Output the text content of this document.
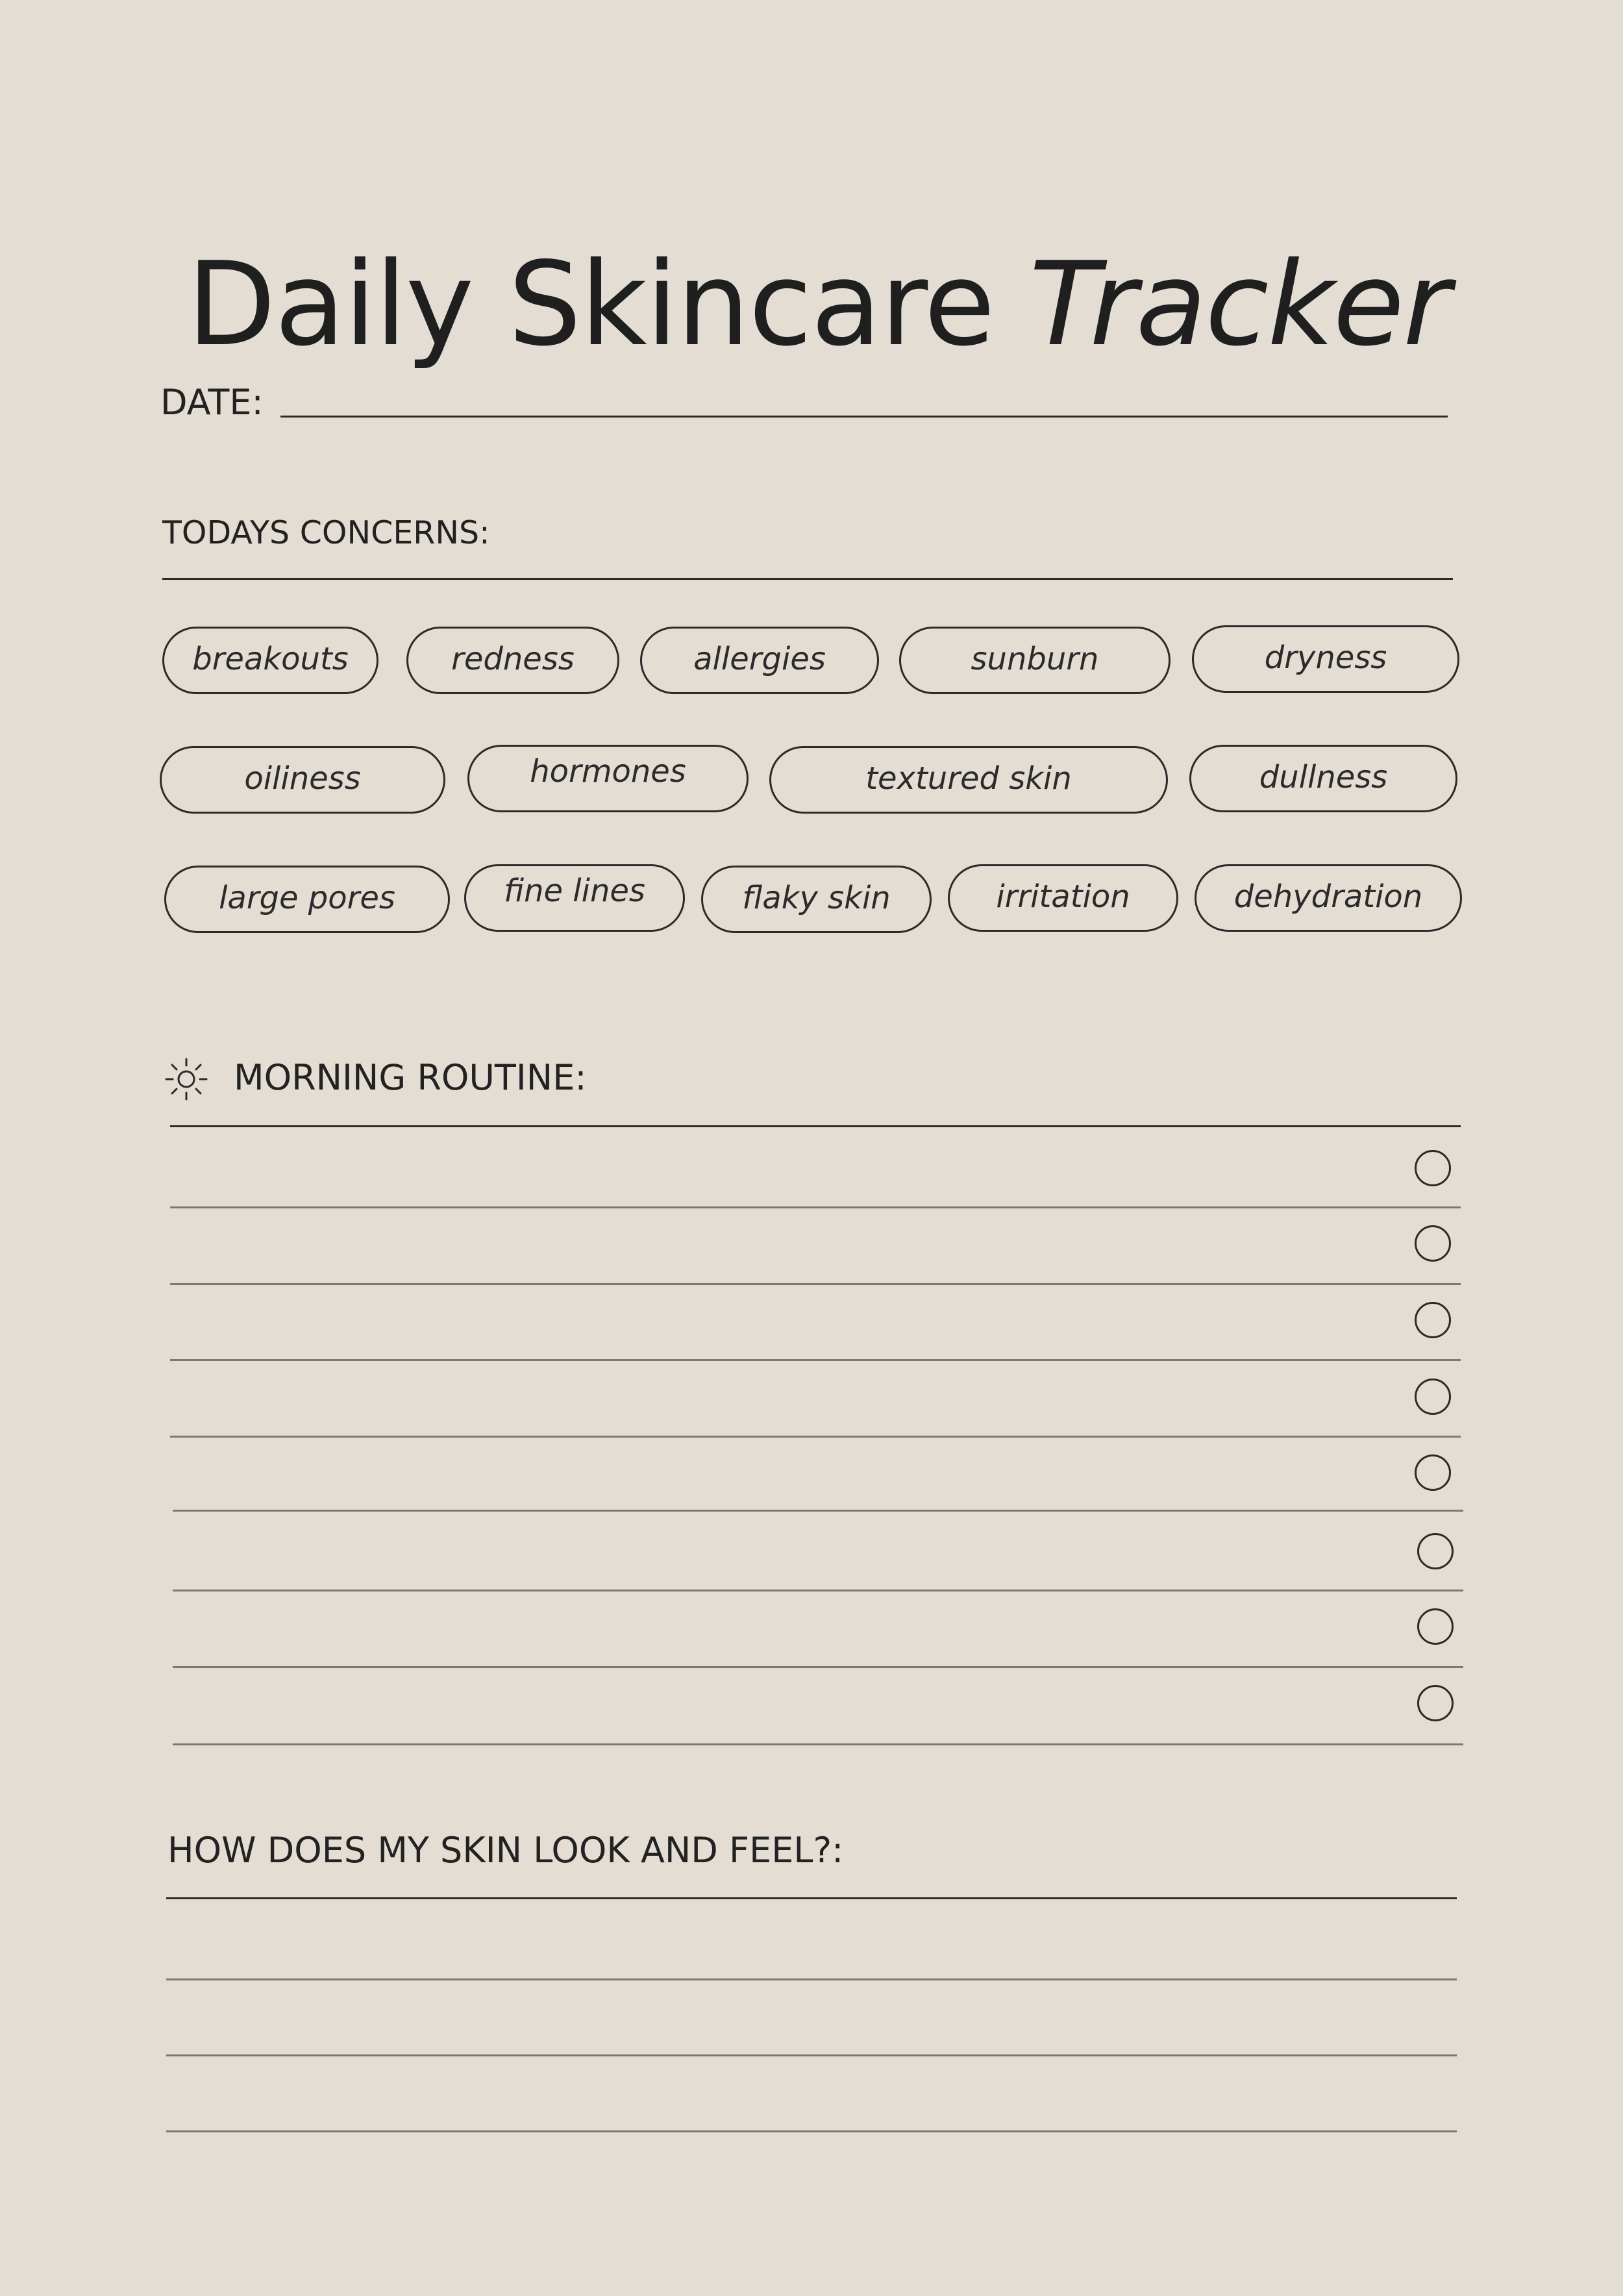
Daily Skincare Tracker
DATE:
TODAYS CONCERNS:
breakouts	redness	allergies	sunburn	dryness
oiliness	hormones	textured skin	dullness
large pores	fine lines	flaky skin	irritation	dehydration
MORNING ROUTINE:
HOW DOES MY SKIN LOOK AND FEEL?:
